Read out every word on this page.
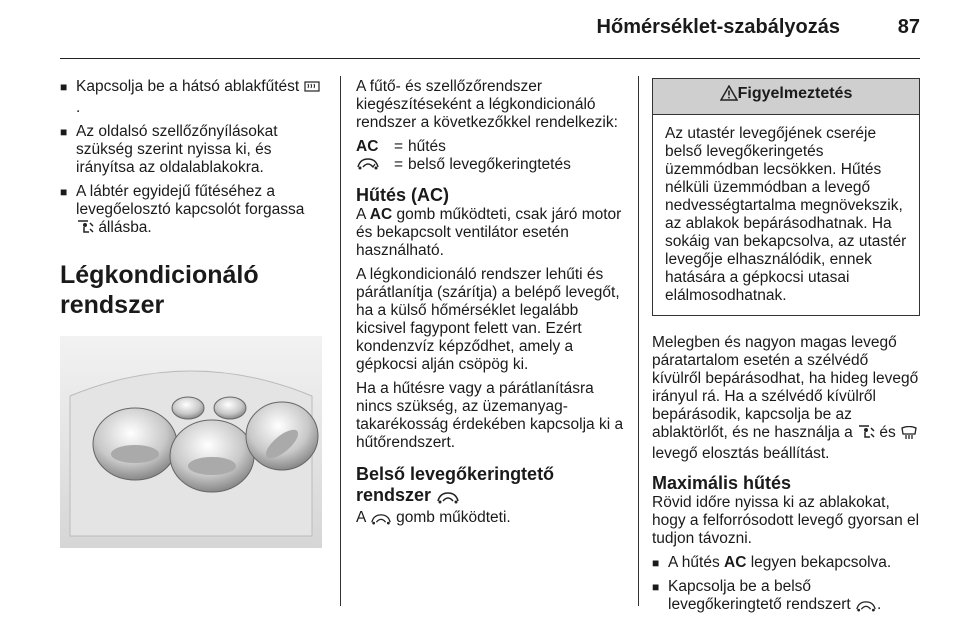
Hőmérséklet-szabályozás	87
■ Kapcsolja be a hátsó ablakfűtést .
■ Az oldalsó szellőzőnyílásokat szükség szerint nyissa ki, és irányítsa az oldalablakokra.
■ A lábtér egyidejű fűtéséhez a levegőelosztó kapcsolót forgassa  állásba.
Légkondicionáló rendszer

A fűtő- és szellőzőrendszer kiegészítéseként a légkondicionáló rendszer a következőkkel rendelkezik:

AC	= hűtés
= belső levegőkeringtetés
Hűtés (AC)

A AC gomb működteti, csak járó motor és bekapcsolt ventilátor esetén használható.

A légkondicionáló rendszer lehűti és párátlanítja (szárítja) a belépő levegőt, ha a külső hőmérséklet legalább kicsivel fagypont felett van. Ezért kondenzvíz képződhet, amely a gépkocsi alján csöpög ki.

Ha a hűtésre vagy a párátlanításra nincs szükség, az üzemanyag-takarékosság érdekében kapcsolja ki a hűtőrendszert.

Belső levegőkeringtető rendszer

A gomb működteti.

Figyelmeztetés
Az utastér levegőjének cseréje belső levegőkeringetés üzemmódban lecsökken. Hűtés nélküli üzemmódban a levegő nedvességtartalma megnövekszik, az ablakok bepárásodhatnak. Ha sokáig van bekapcsolva, az utastér levegője elhasználódik, ennek hatására a gépkocsi utasai elálmosodhatnak.

Melegben és nagyon magas levegő páratartalom esetén a szélvédő kívülről bepárásodhat, ha hideg levegő irányul rá. Ha a szélvédő kívülről bepárásodik, kapcsolja be az ablaktörlőt, és ne használja a és  levegő elosztás beállítást.

Maximális hűtés

Rövid időre nyissa ki az ablakokat, hogy a felforrósodott levegő gyorsan el tudjon távozni.

■ A hűtés AC legyen bekapcsolva.
■ Kapcsolja be a belső levegőkeringtető rendszert .
